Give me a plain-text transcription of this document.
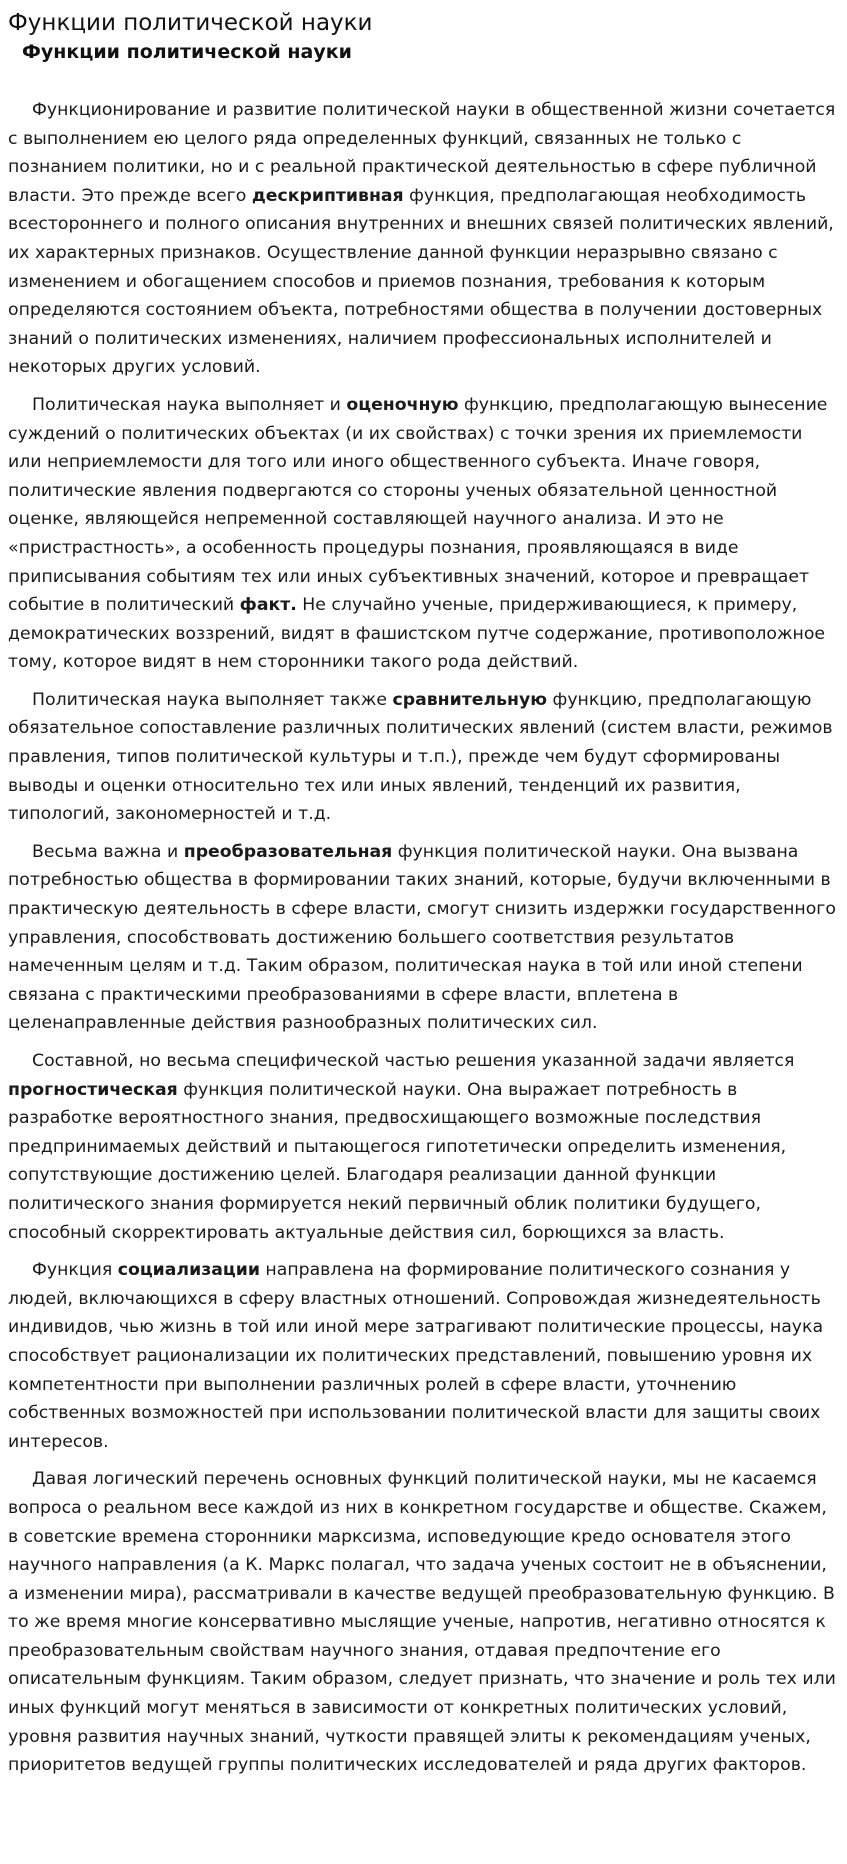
Функции политической науки
Функции политической науки

Функционирование и развитие политической науки в общественной жизни сочетается с выполнением ею целого ряда определенных функций, связанных не только с познанием политики, но и с реальной практической деятельностью в сфере публичной власти. Это прежде всего дескриптивная функция, предполагающая необходимость всестороннего и полного описания внутренних и внешних связей политических явлений, их характерных признаков. Осуществление данной функции неразрывно связано с изменением и обогащением способов и приемов познания, требования к которым определяются состоянием объекта, потребностями общества в получении достоверных знаний о политических изменениях, наличием профессиональных исполнителей и некоторых других условий.

Политическая наука выполняет и оценочную функцию, предполагающую вынесение суждений о политических объектах (и их свойствах) с точки зрения их приемлемости или неприемлемости для того или иного общественного субъекта. Иначе говоря, политические явления подвергаются со стороны ученых обязательной ценностной оценке, являющейся непременной составляющей научного анализа. И это не «пристрастность», а особенность процедуры познания, проявляющаяся в виде приписывания событиям тех или иных субъективных значений, которое и превращает событие в политический факт. Не случайно ученые, придерживающиеся, к примеру, демократических воззрений, видят в фашистском путче содержание, противоположное тому, которое видят в нем сторонники такого рода действий.

Политическая наука выполняет также сравнительную функцию, предполагающую обязательное сопоставление различных политических явлений (систем власти, режимов правления, типов политической культуры и т.п.), прежде чем будут сформированы выводы и оценки относительно тех или иных явлений, тенденций их развития, типологий, закономерностей и т.д.

Весьма важна и преобразовательная функция политической науки. Она вызвана потребностью общества в формировании таких знаний, которые, будучи включенными в практическую деятельность в сфере власти, смогут снизить издержки государственного управления, способствовать достижению большего соответствия результатов намеченным целям и т.д. Таким образом, политическая наука в той или иной степени связана с практическими преобразованиями в сфере власти, вплетена в целенаправленные действия разнообразных политических сил.

Составной, но весьма специфической частью решения указанной задачи является прогностическая функция политической науки. Она выражает потребность в разработке вероятностного знания, предвосхищающего возможные последствия предпринимаемых действий и пытающегося гипотетически определить изменения, сопутствующие достижению целей. Благодаря реализации данной функции политического знания формируется некий первичный облик политики будущего, способный скорректировать актуальные действия сил, борющихся за власть.

Функция социализации направлена на формирование политического сознания у людей, включающихся в сферу властных отношений. Сопровождая жизнедеятельность индивидов, чью жизнь в той или иной мере затрагивают политические процессы, наука способствует рационализации их политических представлений, повышению уровня их компетентности при выполнении различных ролей в сфере власти, уточнению собственных возможностей при использовании политической власти для защиты своих интересов.

Давая логический перечень основных функций политической науки, мы не касаемся вопроса о реальном весе каждой из них в конкретном государстве и обществе. Скажем, в советские времена сторонники марксизма, исповедующие кредо основателя этого научного направления (а К. Маркс полагал, что задача ученых состоит не в объяснении, а изменении мира), рассматривали в качестве ведущей преобразовательную функцию. В то же время многие консервативно мыслящие ученые, напротив, негативно относятся к преобразовательным свойствам научного знания, отдавая предпочтение его описательным функциям. Таким образом, следует признать, что значение и роль тех или иных функций могут меняться в зависимости от конкретных политических условий, уровня развития научных знаний, чуткости правящей элиты к рекомендациям ученых, приоритетов ведущей группы политических исследователей и ряда других факторов.
